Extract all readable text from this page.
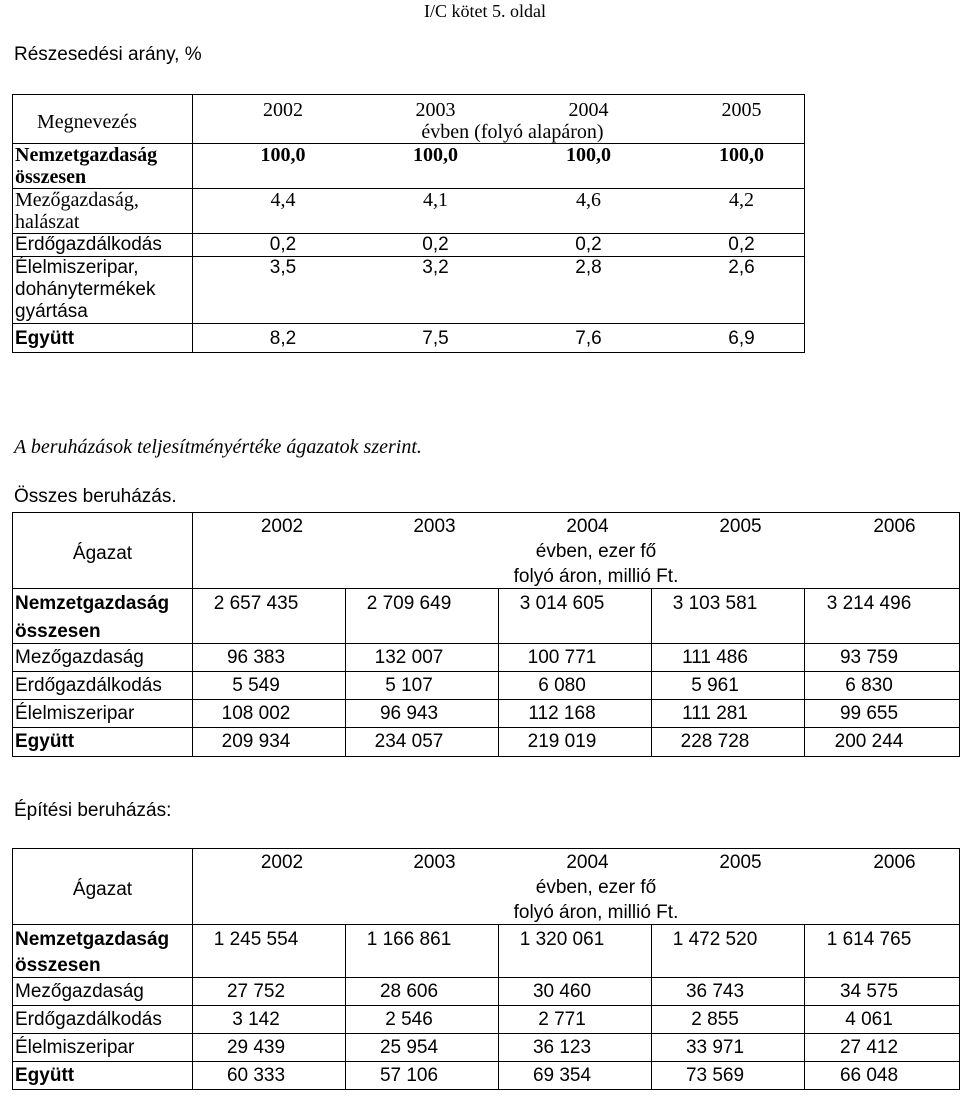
I/C kötet 5. oldal
Részesedési arány, %
Megnevezés
2002	2003	2004	2005
évben (folyó alapáron)
Nemzetgazdaság
összesen
100,0	100,0	100,0	100,0
Mezőgazdaság,
halászat
4,4	4,1	4,6	4,2
Erdőgazdálkodás	0,2	0,2	0,2	0,2
Élelmiszeripar,
dohánytermékek
gyártása
3,5	3,2	2,8	2,6
Együtt	8,2	7,5	7,6	6,9
A beruházások teljesítményértéke ágazatok szerint.
Összes beruházás.
Ágazat
2002	2003	2004	2005	2006
évben, ezer fő
folyó áron, millió Ft.
Nemzetgazdaság
összesen
2 657 435	2 709 649	3 014 605	3 103 581	3 214 496
Mezőgazdaság	96 383	132 007	100 771	111 486	93 759
Erdőgazdálkodás	5 549	5 107	6 080	5 961	6 830
Élelmiszeripar	108 002	96 943	112 168	111 281	99 655
Együtt	209 934	234 057	219 019	228 728	200 244
Építési beruházás:
Ágazat
2002	2003	2004	2005	2006
évben, ezer fő
folyó áron, millió Ft.
Nemzetgazdaság
összesen
1 245 554	1 166 861	1 320 061	1 472 520	1 614 765
Mezőgazdaság	27 752	28 606	30 460	36 743	34 575
Erdőgazdálkodás	3 142	2 546	2 771	2 855	4 061
Élelmiszeripar	29 439	25 954	36 123	33 971	27 412
Együtt	60 333	57 106	69 354	73 569	66 048
